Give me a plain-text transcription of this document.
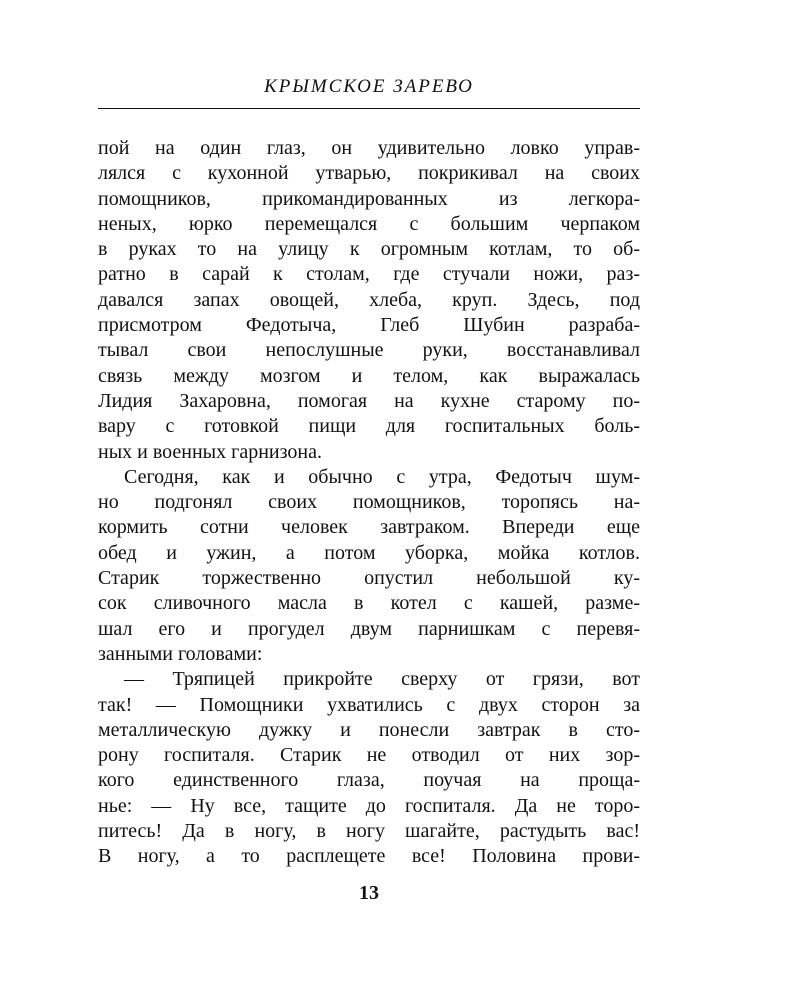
КРЫМСКОЕ ЗАРЕВО
пой на один глаз, он удивительно ловко управ-
лялся с кухонной утварью, покрикивал на своих
помощников, прикомандированных из легкора-
неных, юрко перемещался с большим черпаком
в руках то на улицу к огромным котлам, то об-
ратно в сарай к столам, где стучали ножи, раз-
давался запах овощей, хлеба, круп. Здесь, под
присмотром Федотыча, Глеб Шубин разраба-
тывал свои непослушные руки, восстанавливал
связь между мозгом и телом, как выражалась
Лидия Захаровна, помогая на кухне старому по-
вару с готовкой пищи для госпитальных боль-
ных и военных гарнизона.
Сегодня, как и обычно с утра, Федотыч шум-
но подгонял своих помощников, торопясь на-
кормить сотни человек завтраком. Впереди еще
обед и ужин, а потом уборка, мойка котлов.
Старик торжественно опустил небольшой ку-
сок сливочного масла в котел с кашей, разме-
шал его и прогудел двум парнишкам с перевя-
занными головами:
— Тряпицей прикройте сверху от грязи, вот
так! — Помощники ухватились с двух сторон за
металлическую дужку и понесли завтрак в сто-
рону госпиталя. Старик не отводил от них зор-
кого единственного глаза, поучая на проща-
нье: — Ну все, тащите до госпиталя. Да не торо-
питесь! Да в ногу, в ногу шагайте, растудыть вас!
В ногу, а то расплещете все! Половина прови-
13
